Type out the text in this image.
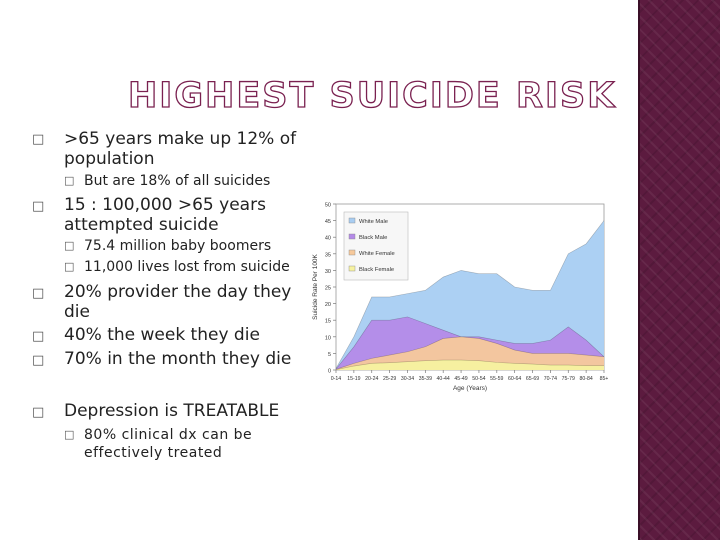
HIGHEST SUICIDE RISK
□ >65 years make up 12% of
population
□ But are 18% of all suicides
□ 15 : 100,000 >65 years
attempted suicide
□ 75.4 million baby boomers
□ 11,000 lives lost from suicide
□ 20% provider the day they
die
□ 40% the week they die
□ 70% in the month they die
□ Depression is TREATABLE
□ 80% clinical dx can be
effectively treated
0
5
10
15
20
25
30
35
40
45
50
0-14 15-19 20-24 25-29 30-34 35-39 40-44 45-49 50-54 55-59 60-64 65-69 70-74 75-79 80-84 85+
Age (Years)
Suicide Rate Per 100K
White Male
Black Male
White Female
Black Female
